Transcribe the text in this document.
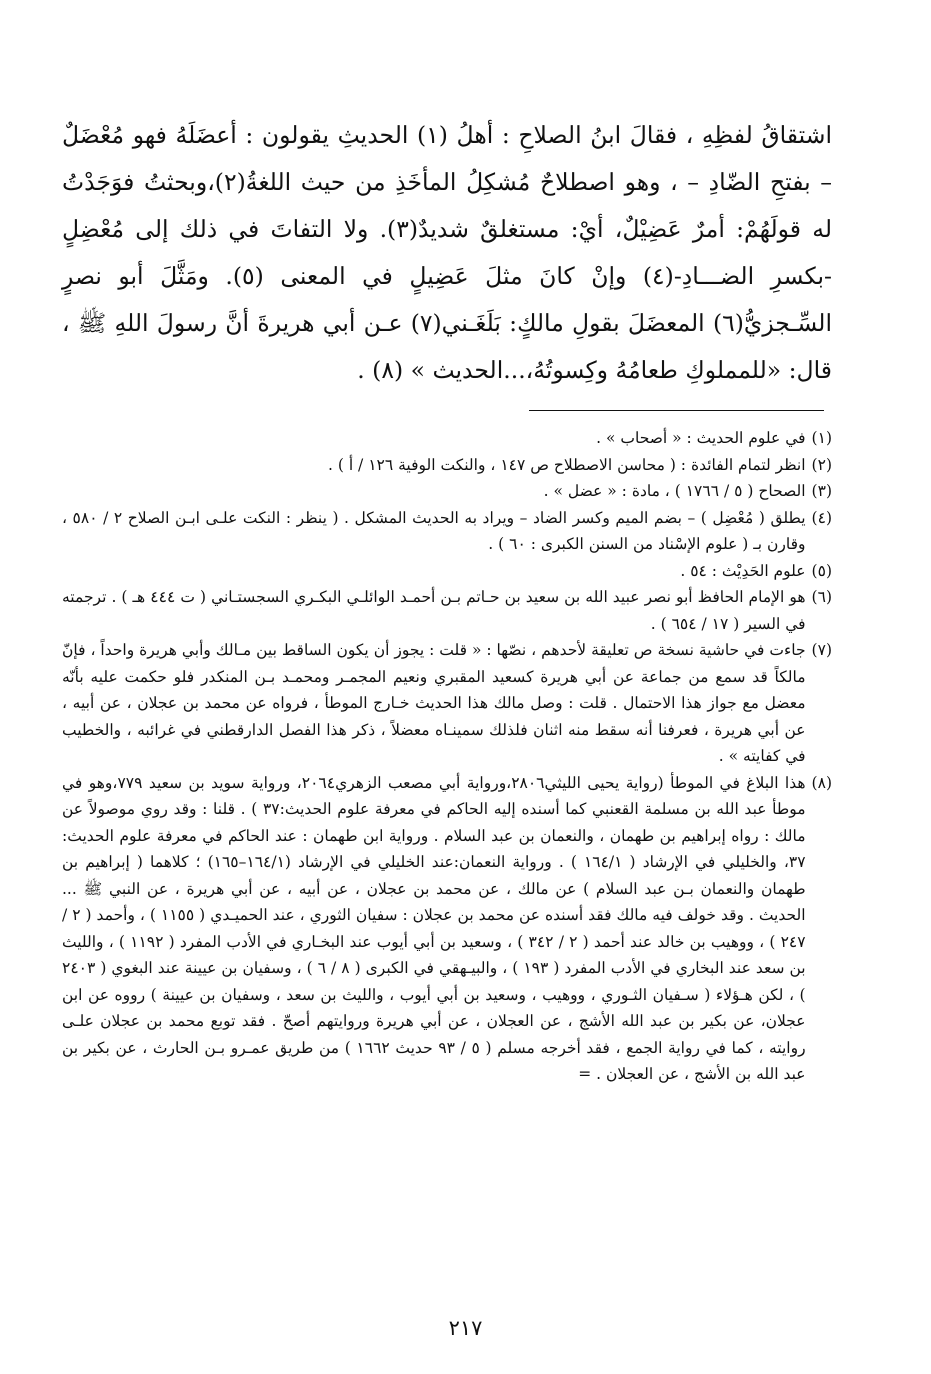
اشتقاقُ لفظِهِ ، فقالَ ابنُ الصلاحِ : أهلُ (١) الحديثِ يقولون : أعضَلَهُ فهو مُعْضَلٌ – بفتحِ الضّادِ – ، وهو اصطلاحٌ مُشكِلُ المأخَذِ من حيث اللغةُ(٢)،وبحثتُ فوَجَدْتُ له قولَهُمْ: أمرٌ عَضِيْلٌ، أيْ: مستغلقٌ شديدٌ(٣). ولا التفاتَ في ذلك إلى مُعْضِلٍ -بكسرِ الضـــادِ-(٤) وإنْ كانَ مثلَ عَضِيلٍ في المعنى (٥). ومَثَّلَ أبو نصرٍ السِّـجزيُّ(٦) المعضَلَ بقولِ مالكٍ: بَلَغَـني(٧) عـن أبي هريرةَ أنَّ رسولَ اللهِ ﷺ ، قال: «للمملوكِ طعامُهُ وكِسوتُهُ،...الحديث » (٨) .

(١)
في علوم الحديث : « أصحاب » .
(٢)
انظر لتمام الفائدة : ( محاسن الاصطلاح ص ١٤٧ ، والنكت الوفية ١٢٦ / أ ) .
(٣)
الصحاح ( ٥ / ١٧٦٦ ) ، مادة : « عضل » .
(٤)
يطلق ( مُعْضِل ) – بضم الميم وكسر الضاد – ويراد به الحديث المشكل . ( ينظر : النكت علـى ابـن الصلاح ٢ / ٥٨٠ ، وقارن بـ ( علوم الإسْناد من السنن الكبرى : ٦٠ ) .
(٥)
علوم الحَدِيْث : ٥٤ .
(٦)
هو الإمام الحافظ أبو نصر عبيد الله بن سعيد بن حـاتم بـن أحمـد الوائلـي البكـري السجستـاني ( ت ٤٤٤ هـ ) . ترجمته في السير ( ١٧ / ٦٥٤ ) .
(٧)
جاءت في حاشية نسخة ص تعليقة لأحدهم ، نصّها : « قلت : يجوز أن يكون الساقط بين مـالك وأبي هريرة واحداً ، فإنّ مالكاً قد سمع من جماعة عن أبي هريرة كسعيد المقبري ونعيم المجمـر ومحمـد بـن المنكدر فلو حكمت عليه بأنّه معضل مع جواز هذا الاحتمال . قلت : وصل مالك هذا الحديث خـارج الموطأ ، فرواه عن محمد بن عجلان ، عن أبيه ، عن أبي هريرة ، فعرفنا أنه سقط منه اثنان فلذلك سمينـاه معضلاً ، ذكر هذا الفصل الدارقطني في غرائبه ، والخطيب في كفايته » .
(٨)
هذا البلاغ في الموطأ (رواية يحيى الليثي٢٨٠٦،ورواية أبي مصعب الزهري٢٠٦٤، ورواية سويد بن سعيد ٧٧٩،وهو في موطأ عبد الله بن مسلمة القعنبي كما أسنده إليه الحاكم في معرفة علوم الحديث:٣٧ ) . قلنا : وقد روي موصولاً عن مالك : رواه إبراهيم بن طهمان ، والنعمان بن عبد السلام . ورواية ابن طهمان : عند الحاكم في معرفة علوم الحديث: ٣٧، والخليلي في الإرشاد ( ١٦٤/١ ) . ورواية النعمان:عند الخليلي في الإرشاد (١٦٤/١–١٦٥) ؛ كلاهما ( إبراهيم بن طهمان والنعمان بـن عبد السلام ) عن مالك ، عن محمد بن عجلان ، عن أبيه ، عن أبي هريرة ، عن النبي ﷺ ... الحديث . وقد خولف فيه مالك فقد أسنده عن محمد بن عجلان : سفيان الثوري ، عند الحميـدي ( ١١٥٥ ) ، وأحمد ( ٢ / ٢٤٧ ) ، ووهيب بن خالد عند أحمد ( ٢ / ٣٤٢ ) ، وسعيد بن أبي أيوب عند البخـاري في الأدب المفرد ( ١١٩٢ ) ، والليث بن سعد عند البخاري في الأدب المفرد ( ١٩٣ ) ، والبيـهقي في الكبرى ( ٨ / ٦ ) ، وسفيان بن عيينة عند البغوي ( ٢٤٠٣ ) ، لكن هـؤلاء ( سـفيان الثـوري ، ووهيب ، وسعيد بن أبي أيوب ، والليث بن سعد ، وسفيان بن عيينة ) رووه عن ابن عجلان، عن بكير بن عبد الله الأشج ، عن العجلان ، عن أبي هريرة وروايتهم أصحّ . فقد توبع محمد بن عجلان علـى روايته ، كما في رواية الجمع ، فقد أخرجه مسلم ( ٥ / ٩٣ حديث ١٦٦٢ ) من طريق عمـرو بـن الحارث ، عن بكير بن عبد الله بن الأشج ، عن العجلان . =
٢١٧
